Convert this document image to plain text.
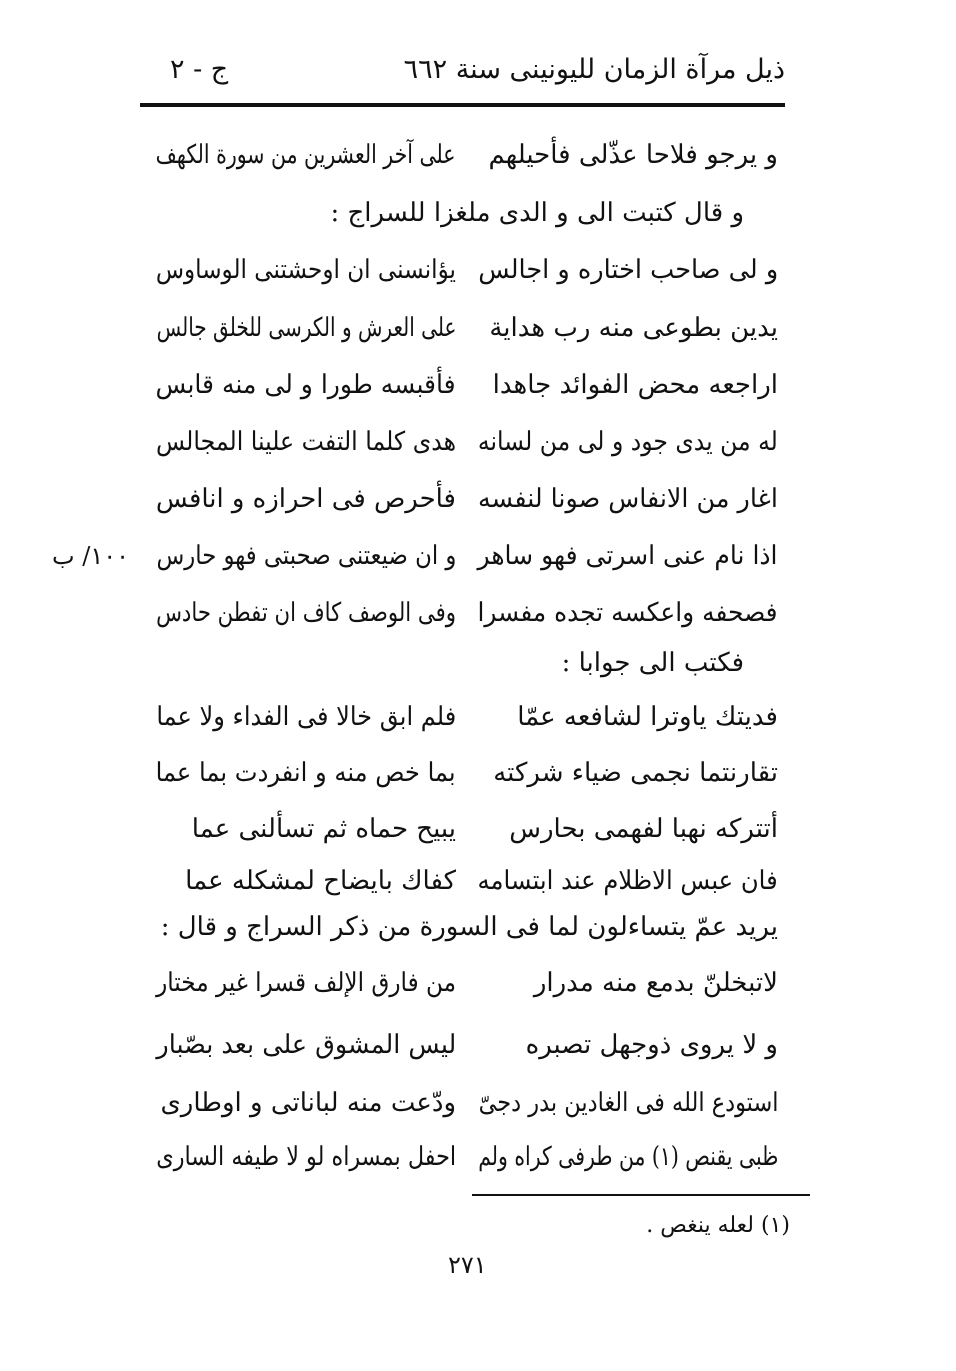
ذيل مرآة الزمان لليونينى سنة ٦٦٢
ج - ٢
و يرجو فلاحا عذّلى فأحيلهم
على آخر العشرين من سورة الكهف
و قال كتبت الى و الدى ملغزا للسراج :
و لى صاحب اختاره و اجالس
يؤانسنى ان اوحشتنى الوساوس
يدين بطوعى منه رب هداية
على العرش و الكرسى للخلق جالس
اراجعه محض الفوائد جاهدا
فأقبسه طورا و لى منه قابس
له من يدى جود و لى من لسانه
هدى كلما التفت علينا المجالس
اغار من الانفاس صونا لنفسه
فأحرص فى احرازه و انافس
اذا نام عنى اسرتى فهو ساهر
و ان ضيعتنى صحبتى فهو حارس
فصحفه واعكسه تجده مفسرا
وفى الوصف كاف ان تفطن حادس
فكتب الى جوابا :
فديتك ياوترا لشافعه عمّا
فلم ابق خالا فى الفداء ولا عما
تقارنتما نجمى ضياء شركته
بما خص منه و انفردت بما عما
أتتركه نهبا لفهمى بحارس
يبيح حماه ثم تسألنى عما
فان عبس الاظلام عند ابتسامه
كفاك بايضاح لمشكله عما
يريد عمّ يتساءلون لما فى السورة من ذكر السراج و قال :
لاتبخلنّ بدمع منه مدرار
من فارق الإلف قسرا غير مختار
و لا يروى ذوجهل تصبره
ليس المشوق على بعد بصّبار
استودع الله فى الغادين بدر دجىّ
ودّعت منه لباناتى و اوطارى
ظبى يقنص (١) من طرفى كراه ولم
احفل بمسراه لو لا طيفه السارى
١٠٠/ ب
(١) لعله ينغص .
٢٧١
